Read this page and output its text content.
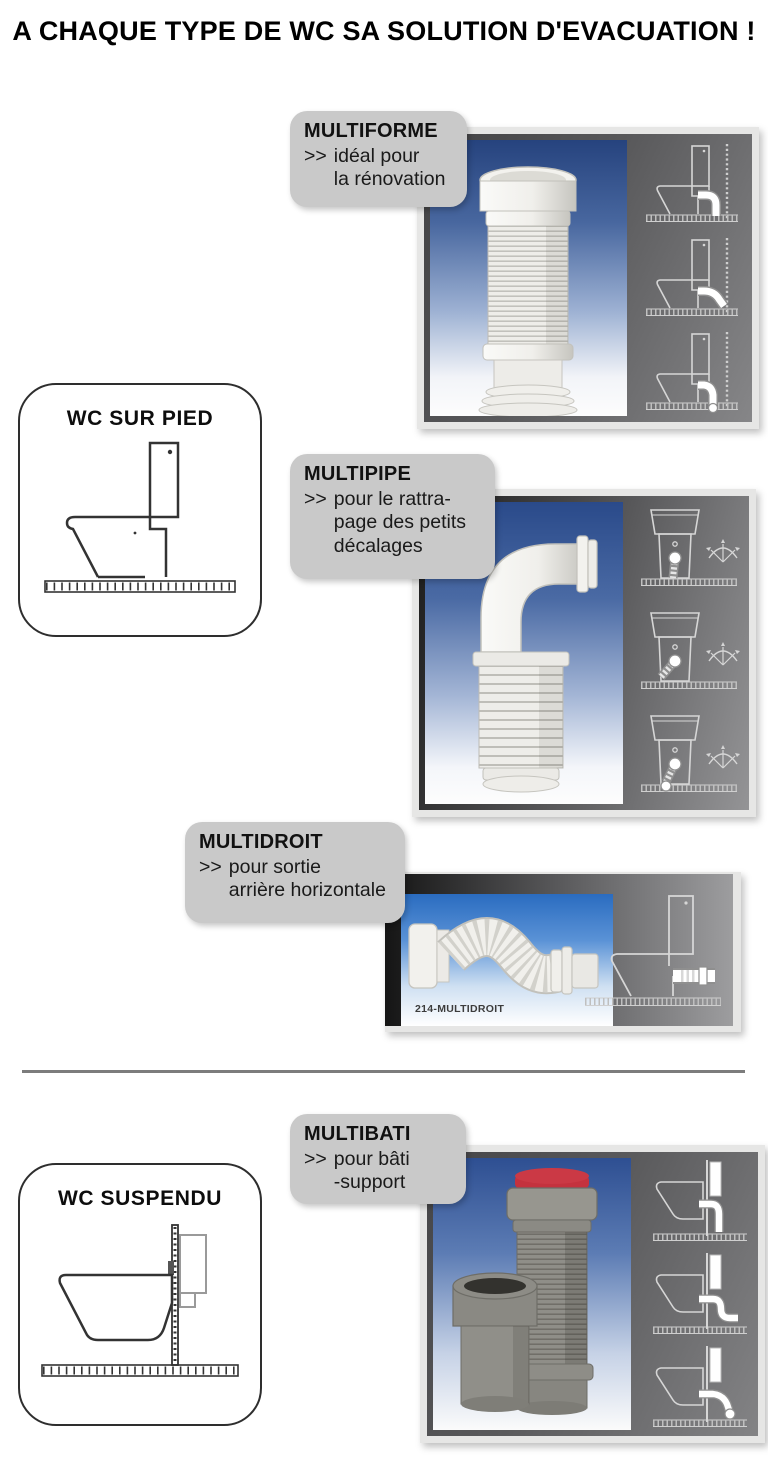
A CHAQUE TYPE DE WC SA SOLUTION D'EVACUATION !
MULTIFORME
>> idéal pour
la rénovation
WC SUR PIED
MULTIPIPE
>> pour le rattra-
page des petits
décalages
MULTIDROIT
>> pour sortie
arrière horizontale
214-MULTIDROIT
MULTIBATI
>> pour bâti
-support
WC SUSPENDU
